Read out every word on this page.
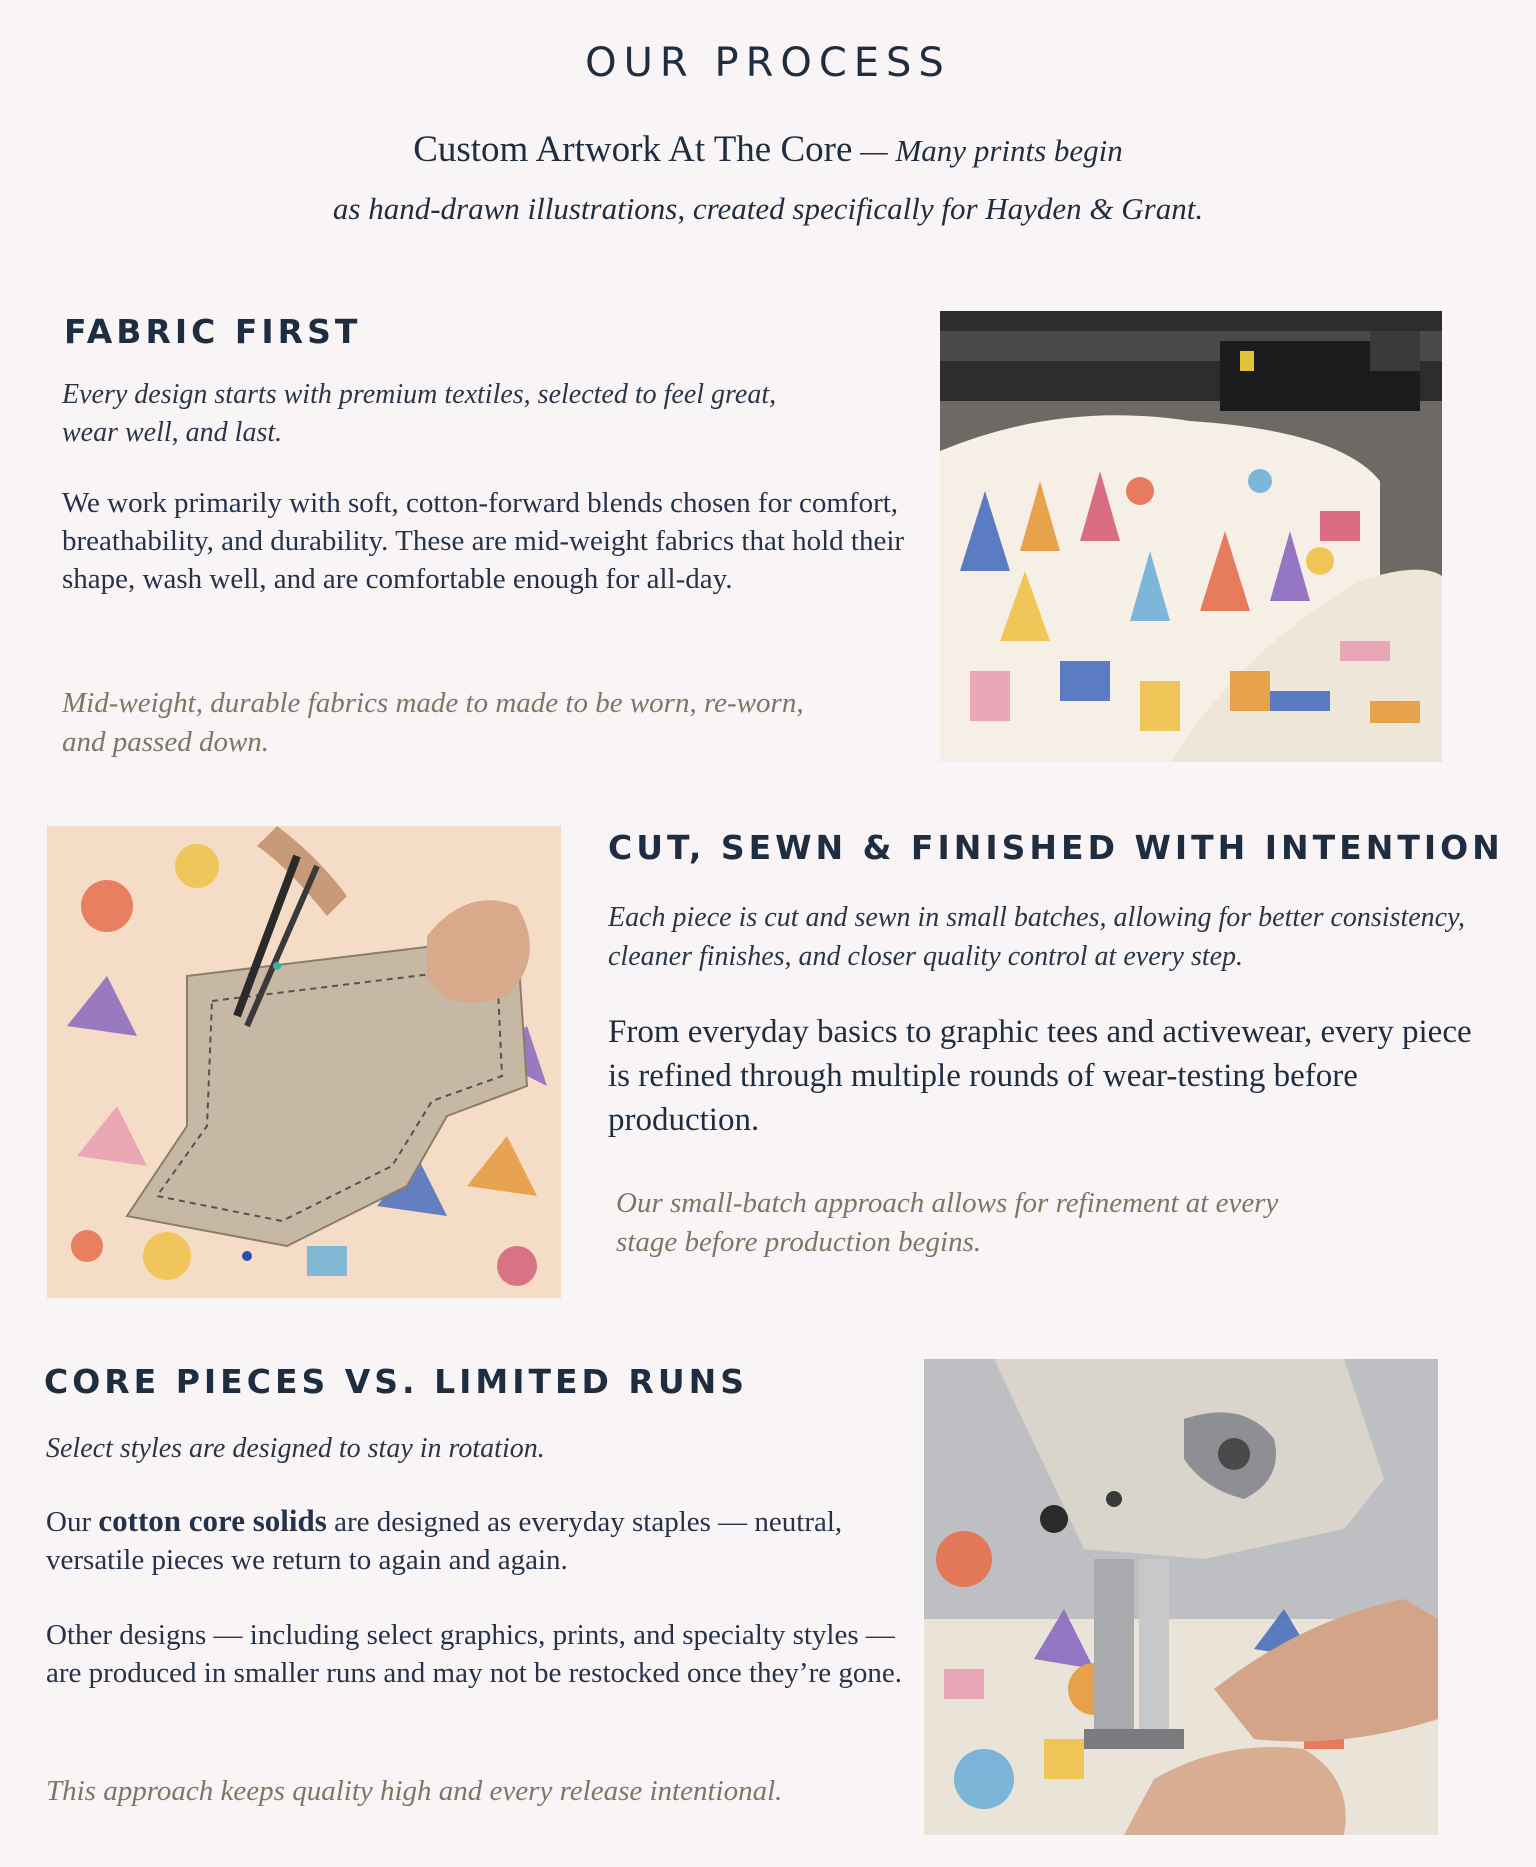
OUR PROCESS
Custom Artwork At The Core — Many prints begin
as hand-drawn illustrations, created specifically for Hayden & Grant.
FABRIC FIRST

Every design starts with premium textiles, selected to feel great, wear well, and last.

We work primarily with soft, cotton-forward blends chosen for comfort, breathability, and durability. These are mid-weight fabrics that hold their shape, wash well, and are comfortable enough for all-day.

Mid-weight, durable fabrics made to made to be worn, re-worn, and passed down.

CUT, SEWN & FINISHED WITH INTENTION

Each piece is cut and sewn in small batches, allowing for better consistency, cleaner finishes, and closer quality control at every step.

From everyday basics to graphic tees and activewear, every piece is refined through multiple rounds of wear-testing before production.

Our small-batch approach allows for refinement at every stage before production begins.

CORE PIECES VS. LIMITED RUNS

Select styles are designed to stay in rotation.

Our cotton core solids are designed as everyday staples — neutral, versatile pieces we return to again and again.

Other designs — including select graphics, prints, and specialty styles — are produced in smaller runs and may not be restocked once they’re gone.

This approach keeps quality high and every release intentional.
